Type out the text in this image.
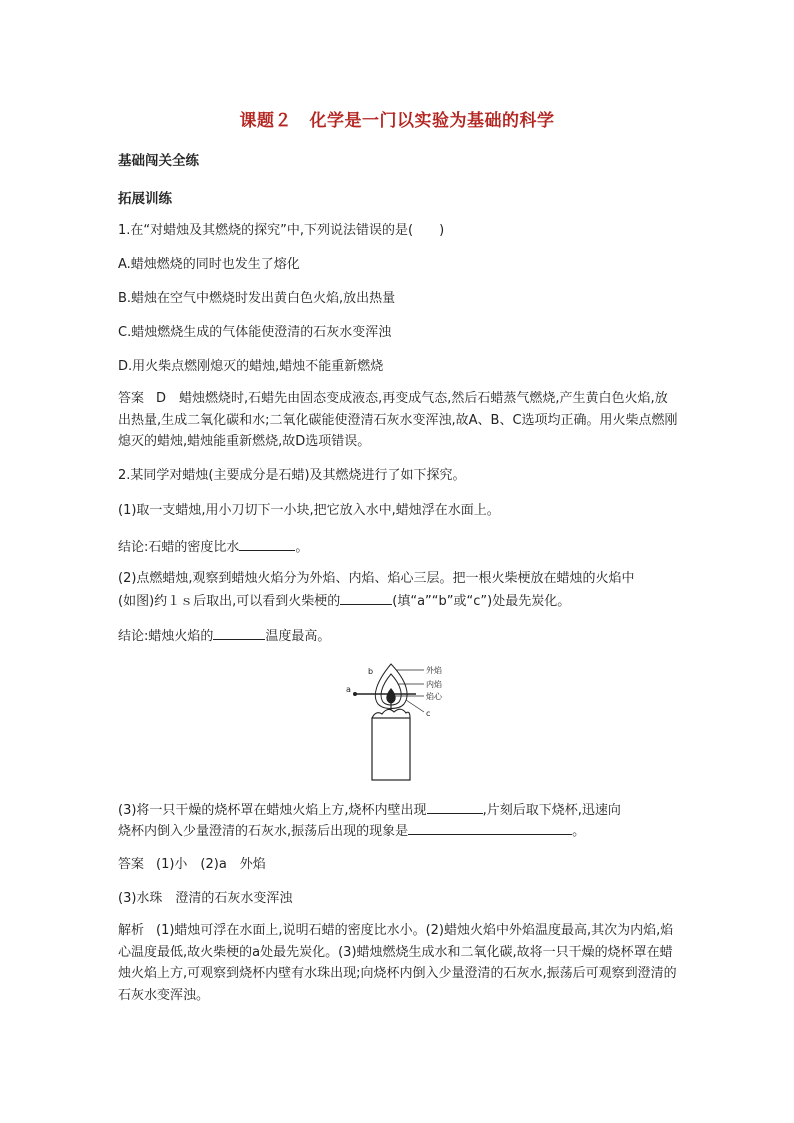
课题２　化学是一门以实验为基础的科学
基础闯关全练
拓展训练
1.在“对蜡烛及其燃烧的探究”中,下列说法错误的是(　　)
A.蜡烛燃烧的同时也发生了熔化
B.蜡烛在空气中燃烧时发出黄白色火焰,放出热量
C.蜡烛燃烧生成的气体能使澄清的石灰水变浑浊
D.用火柴点燃刚熄灭的蜡烛,蜡烛不能重新燃烧
答案 D　蜡烛燃烧时,石蜡先由固态变成液态,再变成气态,然后石蜡蒸气燃烧,产生黄白色火焰,放出热量,生成二氧化碳和水;二氧化碳能使澄清石灰水变浑浊,故A、B、C选项均正确。用火柴点燃刚熄灭的蜡烛,蜡烛能重新燃烧,故D选项错误。
2.某同学对蜡烛(主要成分是石蜡)及其燃烧进行了如下探究。
(1)取一支蜡烛,用小刀切下一小块,把它放入水中,蜡烛浮在水面上。
结论:石蜡的密度比水	。
(2)点燃蜡烛,观察到蜡烛火焰分为外焰、内焰、焰心三层。把一根火柴梗放在蜡烛的火焰中
(如图)约１ｓ后取出,可以看到火柴梗的	(填“a”“b”或“c”)处最先炭化。
结论:蜡烛火焰的	温度最高。
外焰
内焰
焰心
a
b
c
(3)将一只干燥的烧杯罩在蜡烛火焰上方,烧杯内壁出现	,片刻后取下烧杯,迅速向
烧杯内倒入少量澄清的石灰水,振荡后出现的现象是	。
答案 (1)小　(2)a　外焰
(3)水珠　澄清的石灰水变浑浊
解析 (1)蜡烛可浮在水面上,说明石蜡的密度比水小。(2)蜡烛火焰中外焰温度最高,其次为内焰,焰心温度最低,故火柴梗的a处最先炭化。(3)蜡烛燃烧生成水和二氧化碳,故将一只干燥的烧杯罩在蜡烛火焰上方,可观察到烧杯内壁有水珠出现;向烧杯内倒入少量澄清的石灰水,振荡后可观察到澄清的石灰水变浑浊。
